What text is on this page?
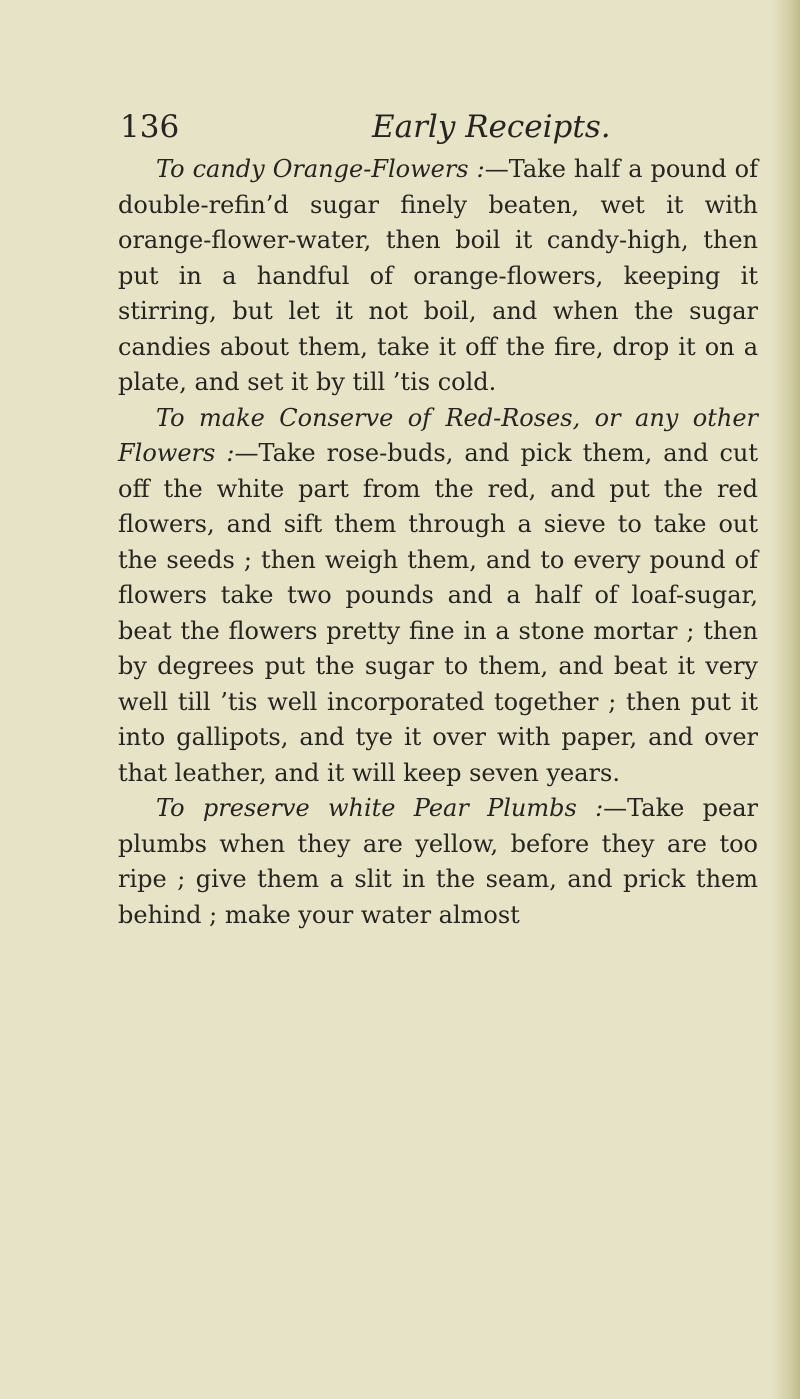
136	Early Receipts.

To candy Orange-Flowers :—Take half a pound of double-refin’d sugar finely beaten, wet it with orange-flower-water, then boil it candy-high, then put in a handful of orange-flowers, keeping it stirring, but let it not boil, and when the sugar candies about them, take it off the fire, drop it on a plate, and set it by till ’tis cold.

To make Conserve of Red-Roses, or any other Flowers :—Take rose-buds, and pick them, and cut off the white part from the red, and put the red flowers, and sift them through a sieve to take out the seeds ; then weigh them, and to every pound of flowers take two pounds and a half of loaf-sugar, beat the flowers pretty fine in a stone mortar ; then by degrees put the sugar to them, and beat it very well till ’tis well incorporated together ; then put it into gallipots, and tye it over with paper, and over that leather, and it will keep seven years.

To preserve white Pear Plumbs :—Take pear plumbs when they are yellow, before they are too ripe ; give them a slit in the seam, and prick them behind ; make your water almost
